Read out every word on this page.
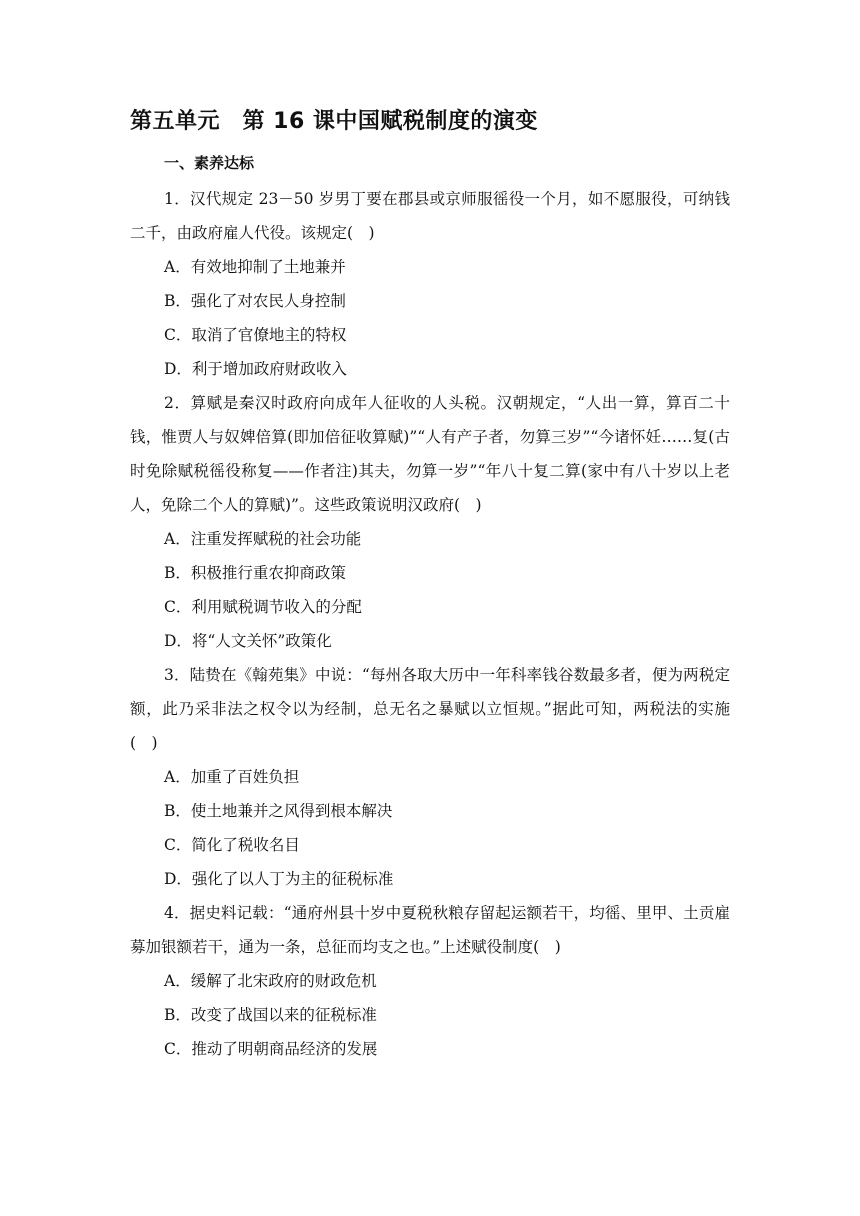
第五单元　第 16 课中国赋税制度的演变
一、素养达标

1．汉代规定 23－50 岁男丁要在郡县或京师服徭役一个月，如不愿服役，可纳钱二千，由政府雇人代役。该规定(　)

A．有效地抑制了土地兼并

B．强化了对农民人身控制

C．取消了官僚地主的特权

D．利于增加政府财政收入

2．算赋是秦汉时政府向成年人征收的人头税。汉朝规定，“人出一算，算百二十钱，惟贾人与奴婢倍算(即加倍征收算赋)”“人有产子者，勿算三岁”“今诸怀妊……复(古时免除赋税徭役称复——作者注)其夫，勿算一岁”“年八十复二算(家中有八十岁以上老人，免除二个人的算赋)”。这些政策说明汉政府(　)

A．注重发挥赋税的社会功能

B．积极推行重农抑商政策

C．利用赋税调节收入的分配

D．将“人文关怀”政策化

3．陆贽在《翰苑集》中说：“每州各取大历中一年科率钱谷数最多者，便为两税定额，此乃采非法之权令以为经制，总无名之暴赋以立恒规。”据此可知，两税法的实施(　)

A．加重了百姓负担

B．使土地兼并之风得到根本解决

C．简化了税收名目

D．强化了以人丁为主的征税标准

4．据史料记载：“通府州县十岁中夏税秋粮存留起运额若干，均徭、里甲、土贡雇募加银额若干，通为一条，总征而均支之也。”上述赋役制度(　)

A．缓解了北宋政府的财政危机

B．改变了战国以来的征税标准

C．推动了明朝商品经济的发展
